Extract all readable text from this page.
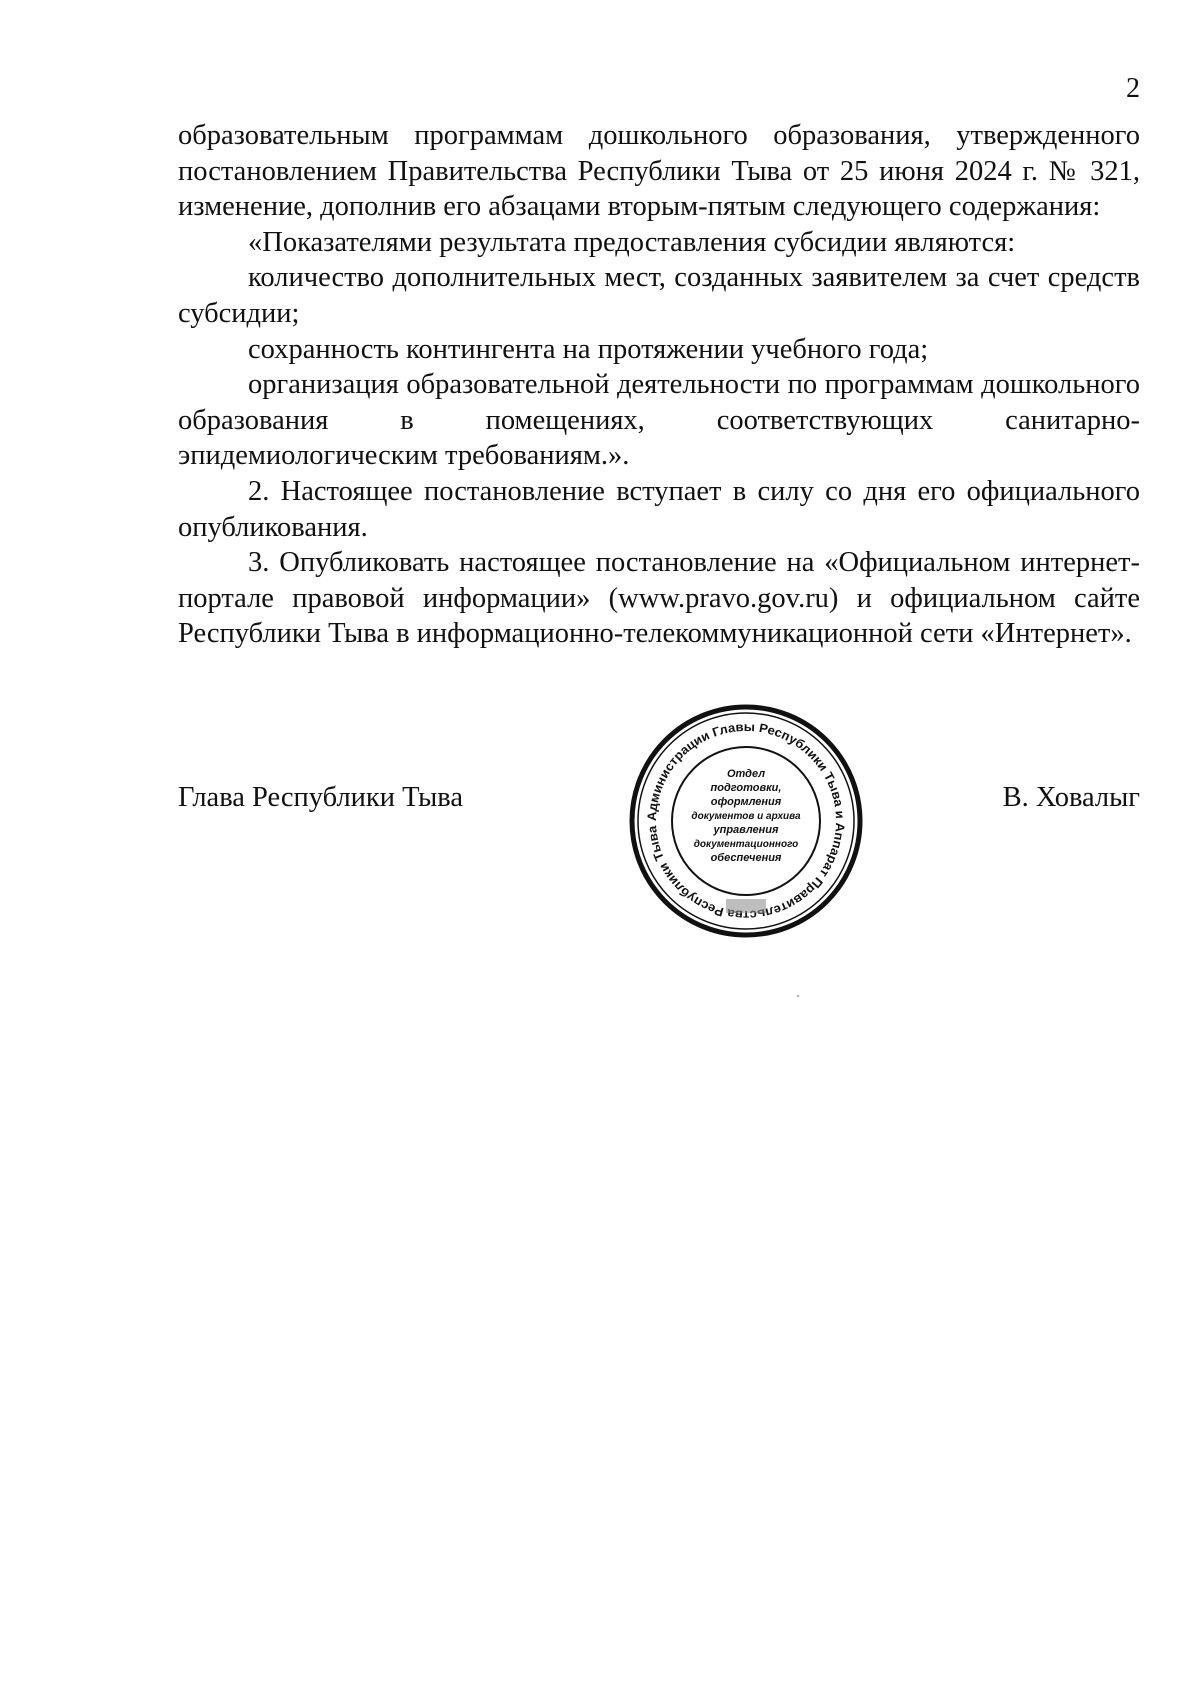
2

образовательным программам дошкольного образования, утвержденного постановлением Правительства Республики Тыва от 25 июня 2024 г. № 321, изменение, дополнив его абзацами вторым-пятым следующего содержания:

«Показателями результата предоставления субсидии являются:

количество дополнительных мест, созданных заявителем за счет средств субсидии;

сохранность контингента на протяжении учебного года;

организация образовательной деятельности по программам дошкольного образования в помещениях, соответствующих санитарно-эпидемиологическим требованиям.».

2. Настоящее постановление вступает в силу со дня его официального опубликования.

3. Опубликовать настоящее постановление на «Официальном интернет-портале правовой информации» (www.pravo.gov.ru) и официальном сайте Республики Тыва в информационно-телекоммуникационной сети «Интернет».

Глава Республики Тыва	В. Ховалыг
Администрации Главы Республики Тыва и Аппарат Правительства Республики Тыва
Отдел
подготовки,
оформления
документов и архива
управления
документационного
обеспечения
